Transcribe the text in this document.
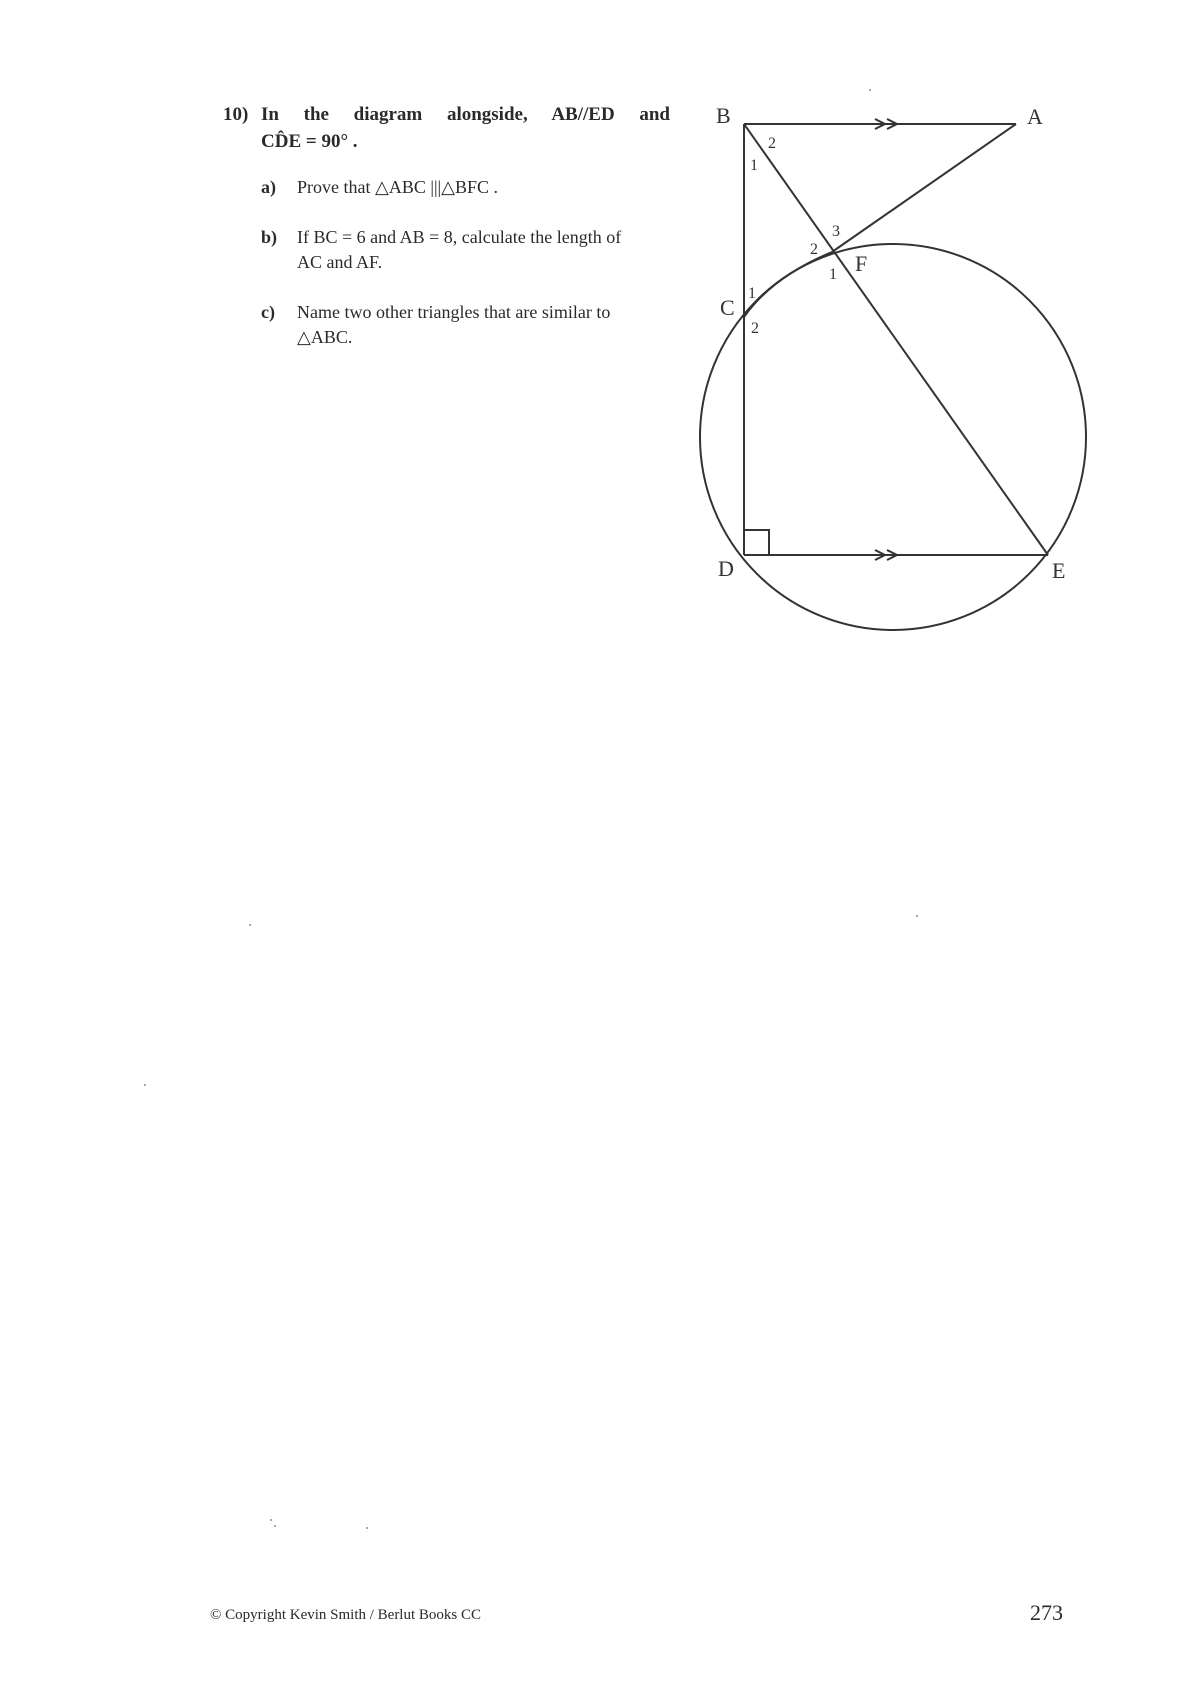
10) In the diagram alongside, AB//ED and
CD̂E = 90° .
a)	Prove that △ABC |||△BFC .
b)	If BC = 6 and AB = 8, calculate the length of
AC and AF.
c)	Name two other triangles that are similar to
△ABC.
B	A
C
F
D	E
1
2
1
2
1
2
3
© Copyright Kevin Smith / Berlut Books CC	273
